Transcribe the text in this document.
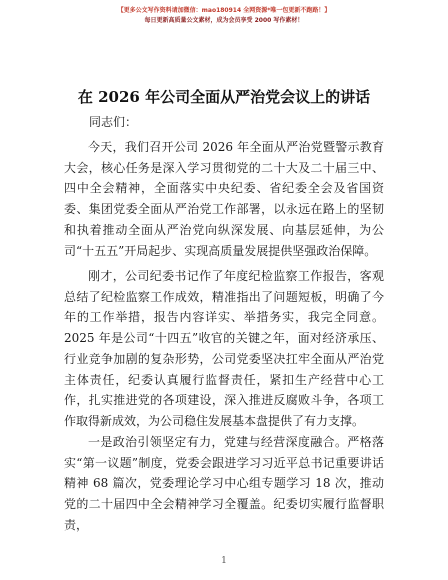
【更多公文写作资料请加微信：mao180914 全网资源*唯一包更新不跑路！】
每日更新高质量公文素材，成为会员享受 2000 写作素材！
在 2026 年公司全面从严治党会议上的讲话
同志们：

今天，我们召开公司 2026 年全面从严治党暨警示教育大会，核心任务是深入学习贯彻党的二十大及二十届三中、四中全会精神，全面落实中央纪委、省纪委全会及省国资委、集团党委全面从严治党工作部署，以永远在路上的坚韧和执着推动全面从严治党向纵深发展、向基层延伸，为公司“十五五”开局起步、实现高质量发展提供坚强政治保障。

刚才，公司纪委书记作了年度纪检监察工作报告，客观总结了纪检监察工作成效，精准指出了问题短板，明确了今年的工作举措，报告内容详实、举措务实，我完全同意。2025 年是公司“十四五”收官的关键之年，面对经济承压、行业竞争加剧的复杂形势，公司党委坚决扛牢全面从严治党主体责任，纪委认真履行监督责任，紧扣生产经营中心工作，扎实推进党的各项建设，深入推进反腐败斗争，各项工作取得新成效，为公司稳住发展基本盘提供了有力支撑。

一是政治引领坚定有力，党建与经营深度融合。严格落实“第一议题”制度，党委会跟进学习习近平总书记重要讲话精神 68 篇次，党委理论学习中心组专题学习 18 次，推动党的二十届四中全会精神学习全覆盖。纪委切实履行监督职责，

1
